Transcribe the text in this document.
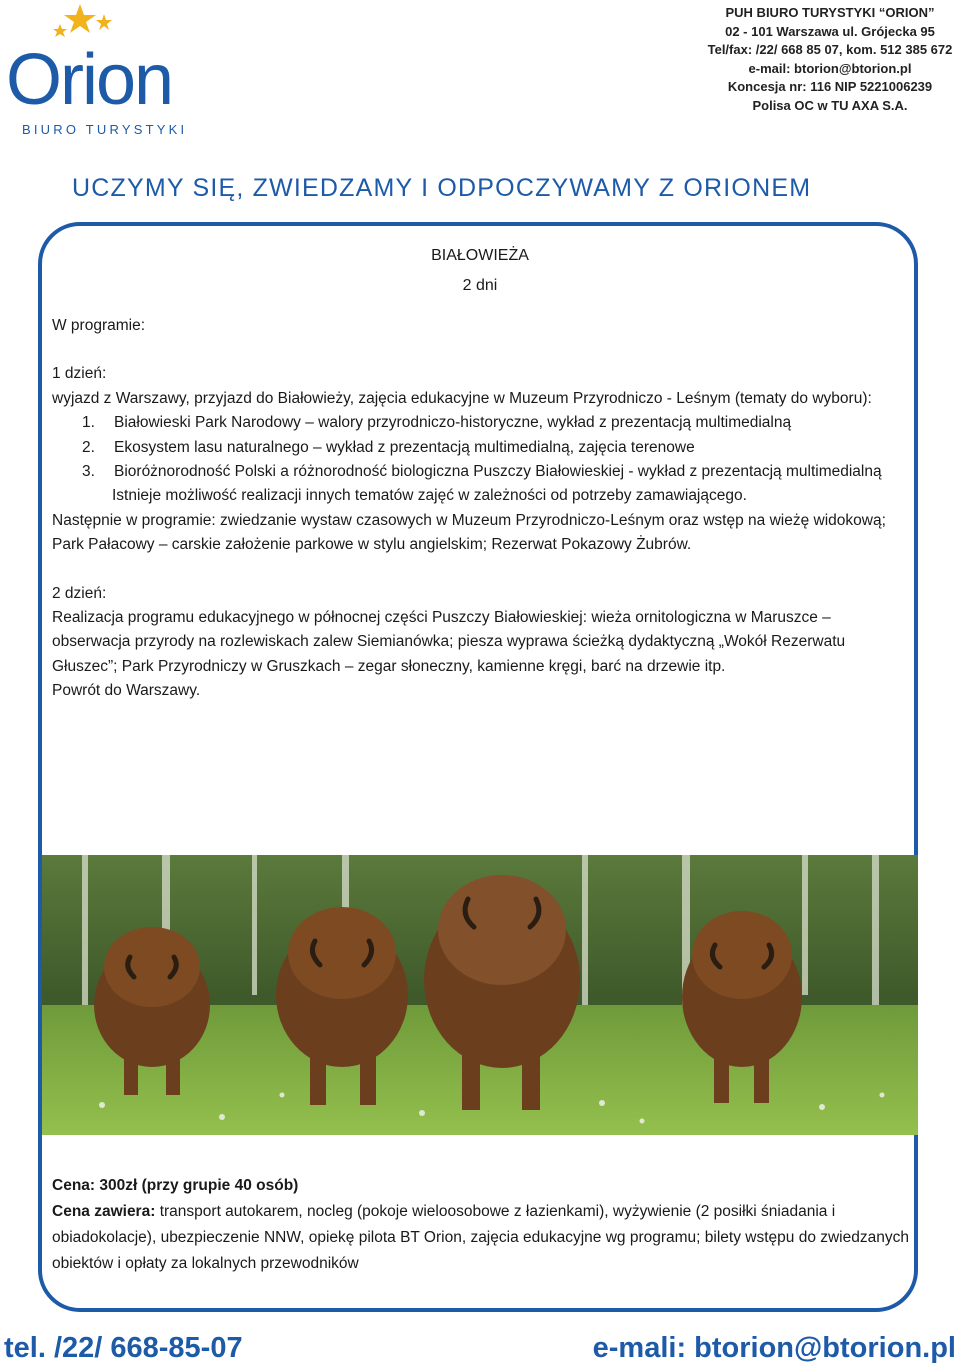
Orion
BIURO TURYSTYKI
PUH BIURO TURYSTYKI “ORION”
02 - 101 Warszawa ul. Grójecka 95
Tel/fax: /22/ 668 85 07, kom. 512 385 672
e-mail: btorion@btorion.pl
Koncesja nr: 116 NIP 5221006239
Polisa OC w TU AXA S.A.
UCZYMY SIĘ, ZWIEDZAMY I ODPOCZYWAMY Z ORIONEM
BIAŁOWIEŻA
2 dni

W programie:

1 dzień:

wyjazd z Warszawy, przyjazd do Białowieży, zajęcia edukacyjne w Muzeum Przyrodniczo - Leśnym (tematy do wyboru):

1. Białowieski Park Narodowy – walory przyrodniczo-historyczne, wykład z prezentacją multimedialną
2. Ekosystem lasu naturalnego – wykład z prezentacją multimedialną, zajęcia terenowe
3. Bioróżnorodność Polski a różnorodność biologiczna Puszczy Białowieskiej - wykład z prezentacją multimedialną

Istnieje możliwość realizacji innych tematów zajęć w zależności od potrzeby zamawiającego.

Następnie w programie: zwiedzanie wystaw czasowych w Muzeum Przyrodniczo-Leśnym oraz wstęp na wieżę widokową; Park Pałacowy – carskie założenie parkowe w stylu angielskim; Rezerwat Pokazowy Żubrów.

2 dzień:

Realizacja programu edukacyjnego w północnej części Puszczy Białowieskiej: wieża ornitologiczna w Maruszce – obserwacja przyrody na rozlewiskach zalew Siemianówka; piesza wyprawa ścieżką dydaktyczną „Wokół Rezerwatu Głuszec”; Park Przyrodniczy w Gruszkach – zegar słoneczny, kamienne kręgi, barć na drzewie itp.

Powrót do Warszawy.

Cena: 300zł (przy grupie 40 osób)
Cena zawiera: transport autokarem, nocleg (pokoje wieloosobowe z łazienkami), wyżywienie (2 posiłki śniadania i obiadokolacje), ubezpieczenie NNW, opiekę pilota BT Orion, zajęcia edukacyjne wg programu; bilety wstępu do zwiedzanych obiektów i opłaty za lokalnych przewodników
tel. /22/ 668-85-07	e-mali: btorion@btorion.pl
